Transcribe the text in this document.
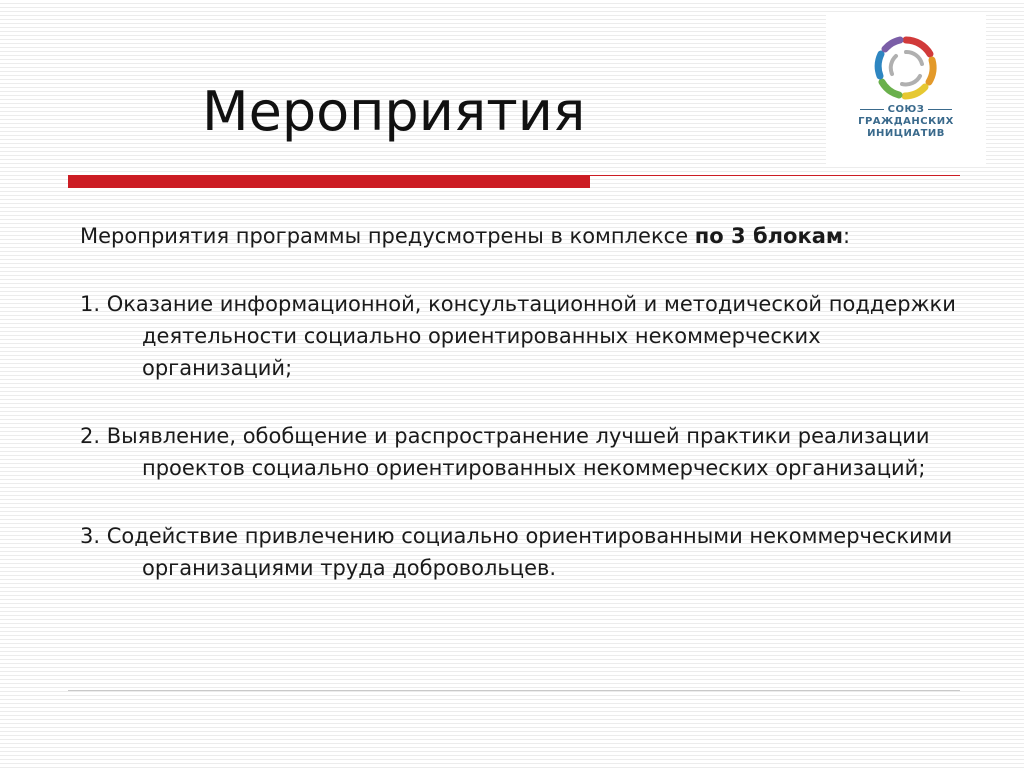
Мероприятия	СОЮЗ
ГРАЖДАНСКИХ
ИНИЦИАТИВ

Мероприятия программы предусмотрены в комплексе по 3 блокам:

1. Оказание информационной, консультационной и методической поддержки деятельности социально ориентированных некоммерческих организаций;

2. Выявление, обобщение и распространение лучшей практики реализации проектов социально ориентированных некоммерческих организаций;

3. Содействие привлечению социально ориентированными некоммерческими организациями труда добровольцев.
